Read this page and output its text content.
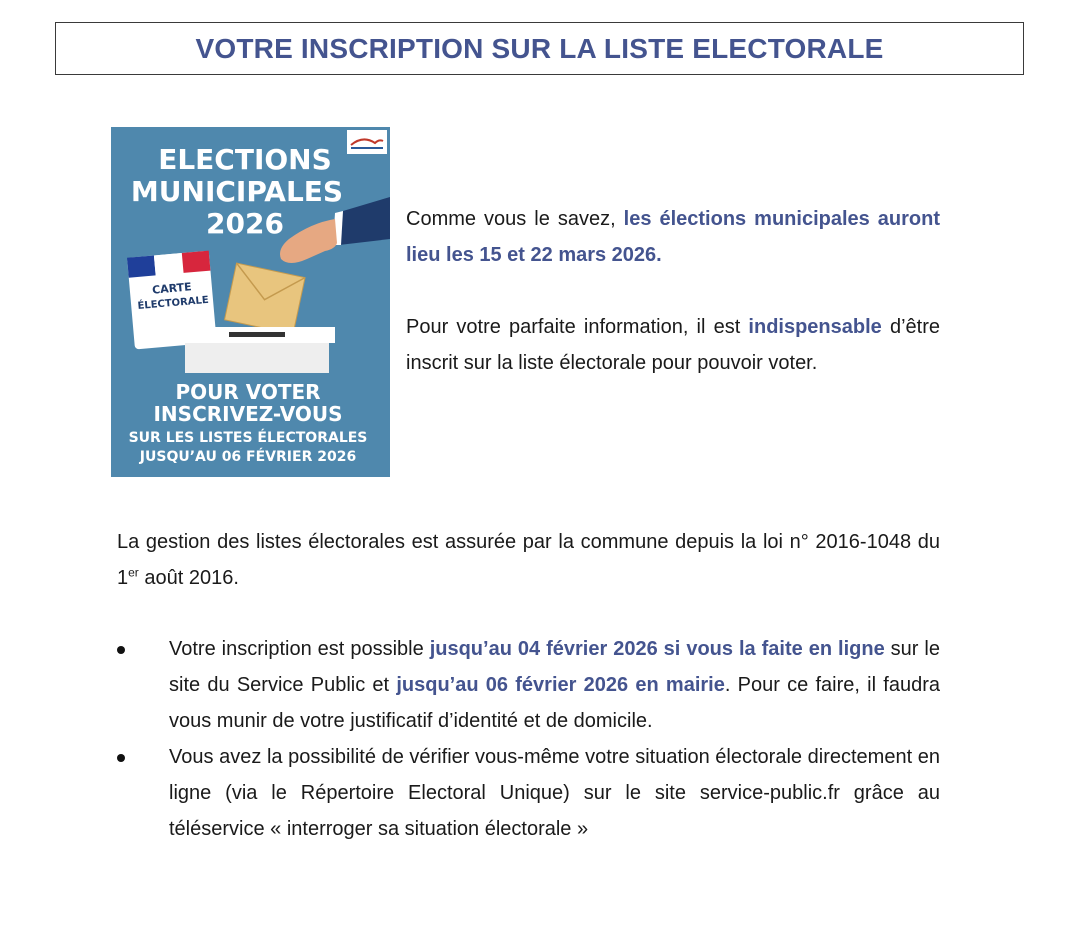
VOTRE INSCRIPTION SUR LA LISTE ELECTORALE
ELECTIONS
MUNICIPALES
2026
CARTE
ÉLECTORALE
POUR VOTER
INSCRIVEZ-VOUS
SUR LES LISTES ÉLECTORALES
JUSQU’AU 06 FÉVRIER 2026

Comme vous le savez, les élections municipales auront lieu les 15 et 22 mars 2026.

Pour votre parfaite information, il est indispensable d’être inscrit sur la liste électorale pour pouvoir voter.

La gestion des listes électorales est assurée par la commune depuis la loi n° 2016-1048 du 1er août 2016.

Votre inscription est possible jusqu’au 04 février 2026 si vous la faite en ligne sur le site du Service Public et jusqu’au 06 février 2026 en mairie. Pour ce faire, il faudra vous munir de votre justificatif d’identité et de domicile.
Vous avez la possibilité de vérifier vous-même votre situation électorale directement en ligne (via le Répertoire Electoral Unique) sur le site service-public.fr grâce au téléservice « interroger sa situation électorale »
